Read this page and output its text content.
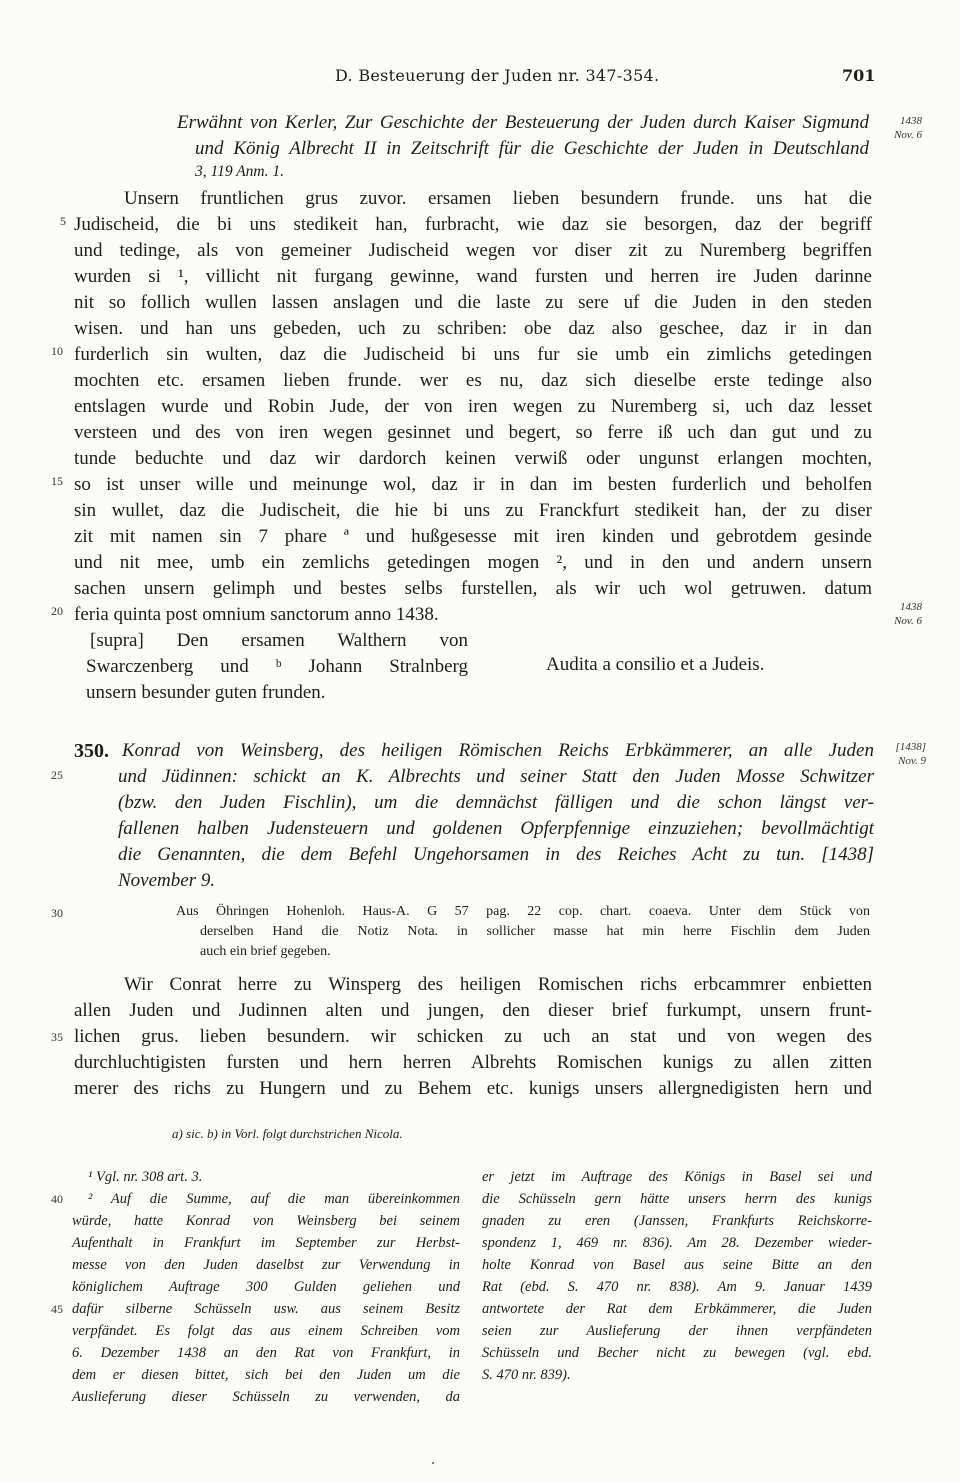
D. Besteuerung der Juden nr. 347-354.	701
Erwähnt von Kerler, Zur Geschichte der Besteuerung der Juden durch Kaiser Sigmund
und König Albrecht II in Zeitschrift für die Geschichte der Juden in Deutschland
3, 119 Anm. 1.
1438
Nov. 6
Unsern fruntlichen grus zuvor. ersamen lieben besundern frunde. uns hat die
Judischeid, die bi uns stedikeit han, furbracht, wie daz sie besorgen, daz der begriff
und tedinge, als von gemeiner Judischeid wegen vor diser zit zu Nuremberg begriffen
wurden si ¹, villicht nit furgang gewinne, wand fursten und herren ire Juden darinne
nit so follich wullen lassen anslagen und die laste zu sere uf die Juden in den steden
wisen. und han uns gebeden, uch zu schriben: obe daz also geschee, daz ir in dan
furderlich sin wulten, daz die Judischeid bi uns fur sie umb ein zimlichs getedingen
mochten etc. ersamen lieben frunde. wer es nu, daz sich dieselbe erste tedinge also
entslagen wurde und Robin Jude, der von iren wegen zu Nuremberg si, uch daz lesset
versteen und des von iren wegen gesinnet und begert, so ferre iß uch dan gut und zu
tunde beduchte und daz wir dardorch keinen verwiß oder ungunst erlangen mochten,
so ist unser wille und meinunge wol, daz ir in dan im besten furderlich und beholfen
sin wullet, daz die Judischeit, die hie bi uns zu Franckfurt stedikeit han, der zu diser
zit mit namen sin 7 phare ª und hußgesesse mit iren kinden und gebrotdem gesinde
und nit mee, umb ein zemlichs getedingen mogen ², und in den und andern unsern
sachen unsern gelimph und bestes selbs furstellen, als wir uch wol getruwen. datum
feria quinta post omnium sanctorum anno 1438.
5
10
15
20	1438
Nov. 6
[supra] Den ersamen Walthern von
Swarczenberg und ᵇ Johann Stralnberg
unsern besunder guten frunden.
Audita a consilio et a Judeis.
350. Konrad von Weinsberg, des heiligen Römischen Reichs Erbkämmerer, an alle Juden
und Jüdinnen: schickt an K. Albrechts und seiner Statt den Juden Mosse Schwitzer
(bzw. den Juden Fischlin), um die demnächst fälligen und die schon längst ver-
fallenen halben Judensteuern und goldenen Opferpfennige einzuziehen; bevollmächtigt
die Genannten, die dem Befehl Ungehorsamen in des Reiches Acht zu tun. [1438]
November 9.
[1438]
Nov. 9
25
30	Aus Öhringen Hohenloh. Haus-A. G 57 pag. 22 cop. chart. coaeva. Unter dem Stück von
derselben Hand die Notiz Nota. in sollicher masse hat min herre Fischlin dem Juden
auch ein brief gegeben.
Wir Conrat herre zu Winsperg des heiligen Romischen richs erbcammrer enbietten
allen Juden und Judinnen alten und jungen, den dieser brief furkumpt, unsern frunt-
lichen grus. lieben besundern. wir schicken zu uch an stat und von wegen des
durchluchtigisten fursten und hern herren Albrehts Romischen kunigs zu allen zitten
merer des richs zu Hungern und zu Behem etc. kunigs unsers allergnedigisten hern und
35
a) sic. b) in Vorl. folgt durchstrichen Nicola.
¹ Vgl. nr. 308 art. 3.
² Auf die Summe, auf die man übereinkommen
würde, hatte Konrad von Weinsberg bei seinem
Aufenthalt in Frankfurt im September zur Herbst-
messe von den Juden daselbst zur Verwendung in
königlichem Auftrage 300 Gulden geliehen und
dafür silberne Schüsseln usw. aus seinem Besitz
verpfändet. Es folgt das aus einem Schreiben vom
6. Dezember 1438 an den Rat von Frankfurt, in
dem er diesen bittet, sich bei den Juden um die
Auslieferung dieser Schüsseln zu verwenden, da
40
45
er jetzt im Auftrage des Königs in Basel sei und
die Schüsseln gern hätte unsers herrn des kunigs
gnaden zu eren (Janssen, Frankfurts Reichskorre-
spondenz 1, 469 nr. 836). Am 28. Dezember wieder-
holte Konrad von Basel aus seine Bitte an den
Rat (ebd. S. 470 nr. 838). Am 9. Januar 1439
antwortete der Rat dem Erbkämmerer, die Juden
seien zur Auslieferung der ihnen verpfändeten
Schüsseln und Becher nicht zu bewegen (vgl. ebd.
S. 470 nr. 839).
